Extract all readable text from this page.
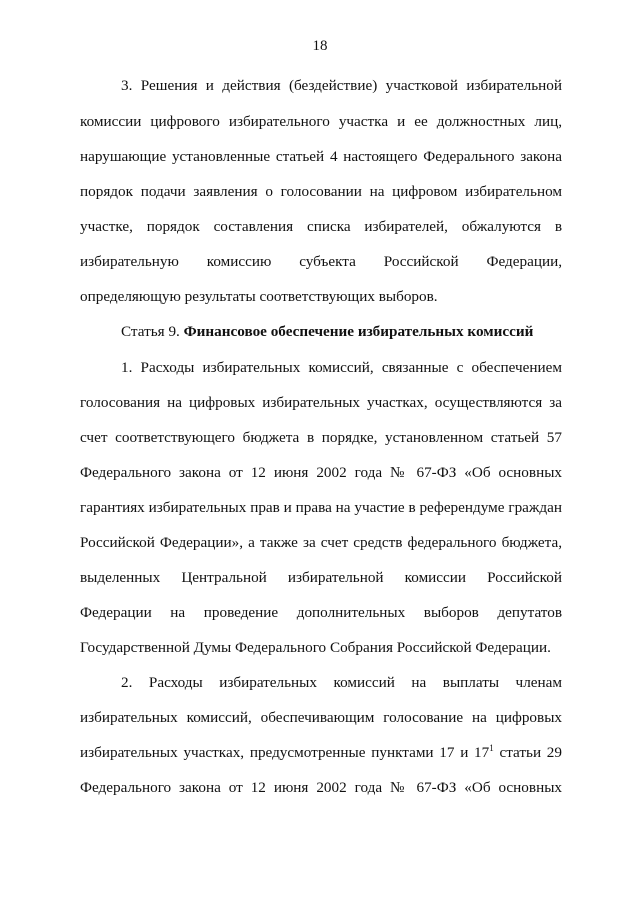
18
3. Решения и действия (бездействие) участковой избирательной
комиссии цифрового избирательного участка и ее должностных лиц,
нарушающие установленные статьей 4 настоящего Федерального закона
порядок подачи заявления о голосовании на цифровом избирательном
участке, порядок составления списка избирателей, обжалуются в
избирательную комиссию субъекта Российской Федерации,
определяющую результаты соответствующих выборов.
Статья 9. Финансовое обеспечение избирательных комиссий
1. Расходы избирательных комиссий, связанные с обеспечением
голосования на цифровых избирательных участках, осуществляются за
счет соответствующего бюджета в порядке, установленном статьей 57
Федерального закона от 12 июня 2002 года № 67-ФЗ «Об основных
гарантиях избирательных прав и права на участие в референдуме граждан
Российской Федерации», а также за счет средств федерального бюджета,
выделенных Центральной избирательной комиссии Российской
Федерации на проведение дополнительных выборов депутатов
Государственной Думы Федерального Собрания Российской Федерации.
2. Расходы избирательных комиссий на выплаты членам
избирательных комиссий, обеспечивающим голосование на цифровых
избирательных участках, предусмотренные пунктами 17 и $17^1$ статьи 29
Федерального закона от 12 июня 2002 года № 67-ФЗ «Об основных
